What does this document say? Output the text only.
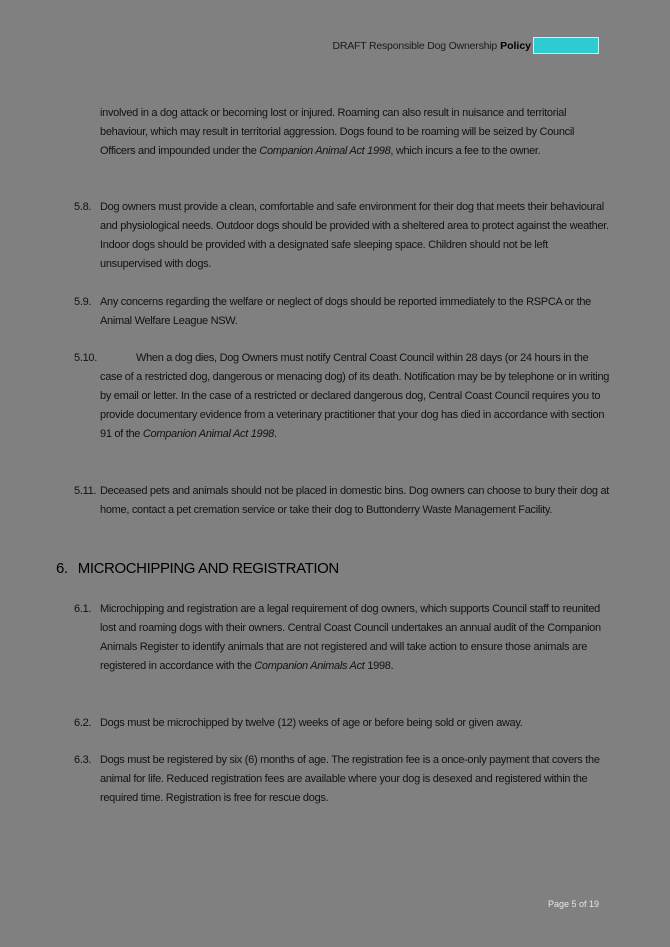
DRAFT Responsible Dog Ownership Policy
involved in a dog attack or becoming lost or injured. Roaming can also result in nuisance and territorial behaviour, which may result in territorial aggression. Dogs found to be roaming will be seized by Council Officers and impounded under the Companion Animal Act 1998, which incurs a fee to the owner.
5.8. Dog owners must provide a clean, comfortable and safe environment for their dog that meets their behavioural and physiological needs. Outdoor dogs should be provided with a sheltered area to protect against the weather. Indoor dogs should be provided with a designated safe sleeping space. Children should not be left unsupervised with dogs.
5.9. Any concerns regarding the welfare or neglect of dogs should be reported immediately to the RSPCA or the Animal Welfare League NSW.
5.10.	When a dog dies, Dog Owners must notify Central Coast Council within 28 days (or 24 hours in the case of a restricted dog, dangerous or menacing dog) of its death. Notification may be by telephone or in writing by email or letter. In the case of a restricted or declared dangerous dog, Central Coast Council requires you to provide documentary evidence from a veterinary practitioner that your dog has died in accordance with section 91 of the Companion Animal Act 1998.
5.11. Deceased pets and animals should not be placed in domestic bins. Dog owners can choose to bury their dog at home, contact a pet cremation service or take their dog to Buttonderry Waste Management Facility.
6. MICROCHIPPING AND REGISTRATION
6.1. Microchipping and registration are a legal requirement of dog owners, which supports Council staff to reunited lost and roaming dogs with their owners. Central Coast Council undertakes an annual audit of the Companion Animals Register to identify animals that are not registered and will take action to ensure those animals are registered in accordance with the Companion Animals Act 1998.
6.2. Dogs must be microchipped by twelve (12) weeks of age or before being sold or given away.
6.3. Dogs must be registered by six (6) months of age. The registration fee is a once-only payment that covers the animal for life. Reduced registration fees are available where your dog is desexed and registered within the required time. Registration is free for rescue dogs.
Page 5 of 19
